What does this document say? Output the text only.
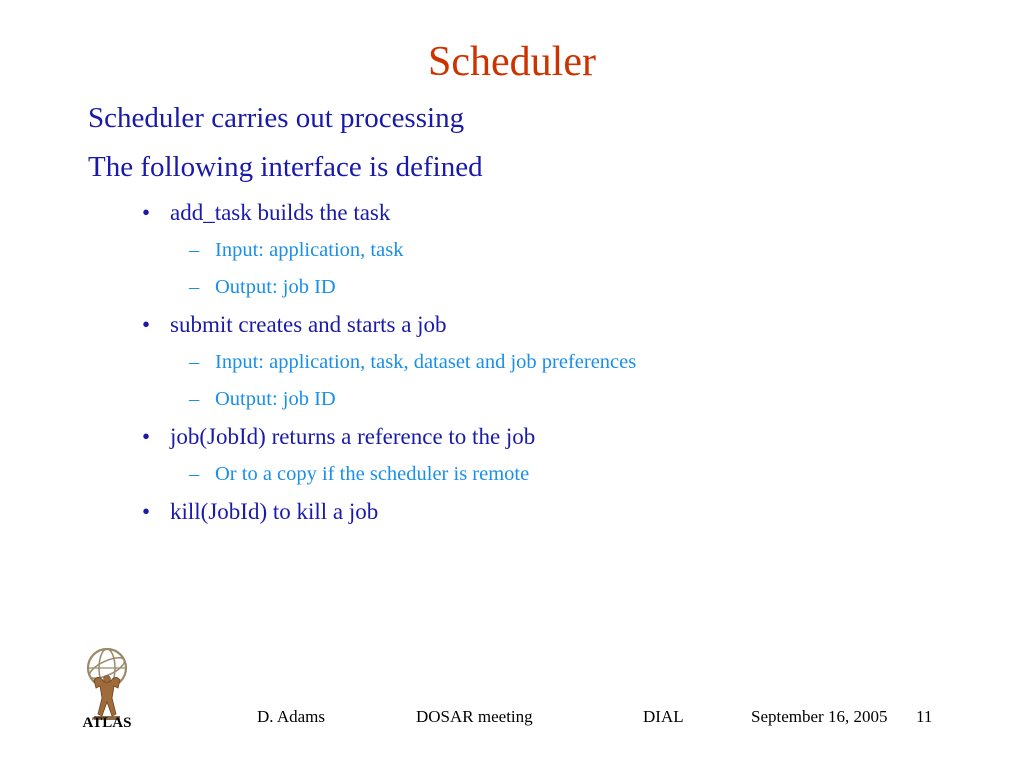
Scheduler
Scheduler carries out processing
The following interface is defined
• add_task builds the task
– Input: application, task
– Output: job ID
• submit creates and starts a job
– Input: application, task, dataset and job preferences
– Output: job ID
• job(JobId) returns a reference to the job
– Or to a copy if the scheduler is remote
• kill(JobId) to kill a job
ATLAS	D. Adams	DOSAR meeting	DIAL	September 16, 2005 11
